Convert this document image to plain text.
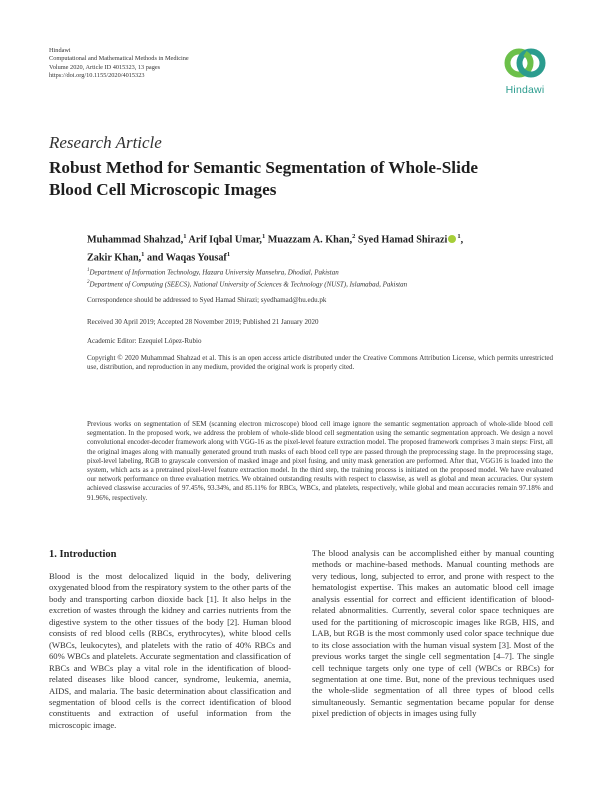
Hindawi
Computational and Mathematical Methods in Medicine
Volume 2020, Article ID 4015323, 13 pages
https://doi.org/10.1155/2020/4015323
Hindawi
Research Article
Robust Method for Semantic Segmentation of Whole-Slide Blood Cell Microscopic Images
Muhammad Shahzad,$^1$ Arif Iqbal Umar,$^1$ Muazzam A. Khan,$^2$ Syed Hamad Shirazi $^1$,
Zakir Khan,$^1$ and Waqas Yousaf$^1$
$^1$Department of Information Technology, Hazara University Mansehra, Dhodial, Pakistan
$^2$Department of Computing (SEECS), National University of Sciences & Technology (NUST), Islamabad, Pakistan
Correspondence should be addressed to Syed Hamad Shirazi; syedhamad@hu.edu.pk
Received 30 April 2019; Accepted 28 November 2019; Published 21 January 2020
Academic Editor: Ezequiel López-Rubio
Copyright © 2020 Muhammad Shahzad et al. This is an open access article distributed under the Creative Commons Attribution License, which permits unrestricted use, distribution, and reproduction in any medium, provided the original work is properly cited.
Previous works on segmentation of SEM (scanning electron microscope) blood cell image ignore the semantic segmentation approach of whole-slide blood cell segmentation. In the proposed work, we address the problem of whole-slide blood cell segmentation using the semantic segmentation approach. We design a novel convolutional encoder-decoder framework along with VGG-16 as the pixel-level feature extraction model. The proposed framework comprises 3 main steps: First, all the original images along with manually generated ground truth masks of each blood cell type are passed through the preprocessing stage. In the preprocessing stage, pixel-level labeling, RGB to grayscale conversion of masked image and pixel fusing, and unity mask generation are performed. After that, VGG16 is loaded into the system, which acts as a pretrained pixel-level feature extraction model. In the third step, the training process is initiated on the proposed model. We have evaluated our network performance on three evaluation metrics. We obtained outstanding results with respect to classwise, as well as global and mean accuracies. Our system achieved classwise accuracies of 97.45%, 93.34%, and 85.11% for RBCs, WBCs, and platelets, respectively, while global and mean accuracies remain 97.18% and 91.96%, respectively.
1. Introduction
Blood is the most delocalized liquid in the body, delivering oxygenated blood from the respiratory system to the other parts of the body and transporting carbon dioxide back [1]. It also helps in the excretion of wastes through the kidney and carries nutrients from the digestive system to the other tissues of the body [2]. Human blood consists of red blood cells (RBCs, erythrocytes), white blood cells (WBCs, leukocytes), and platelets with the ratio of 40% RBCs and 60% WBCs and platelets. Accurate segmentation and classification of RBCs and WBCs play a vital role in the identification of blood-related diseases like blood cancer, syndrome, leukemia, anemia, AIDS, and malaria. The basic determination about classification and segmentation of blood cells is the correct identification of blood constituents and extraction of useful information from the microscopic image.
The blood analysis can be accomplished either by manual counting methods or machine-based methods. Manual counting methods are very tedious, long, subjected to error, and prone with respect to the hematologist expertise. This makes an automatic blood cell image analysis essential for correct and efficient identification of blood-related abnormalities. Currently, several color space techniques are used for the partitioning of microscopic images like RGB, HIS, and LAB, but RGB is the most commonly used color space technique due to its close association with the human visual system [3]. Most of the previous works target the single cell segmentation [4–7]. The single cell technique targets only one type of cell (WBCs or RBCs) for segmentation at one time. But, none of the previous techniques used the whole-slide segmentation of all three types of blood cells simultaneously. Semantic segmentation became popular for dense pixel prediction of objects in images using fully
